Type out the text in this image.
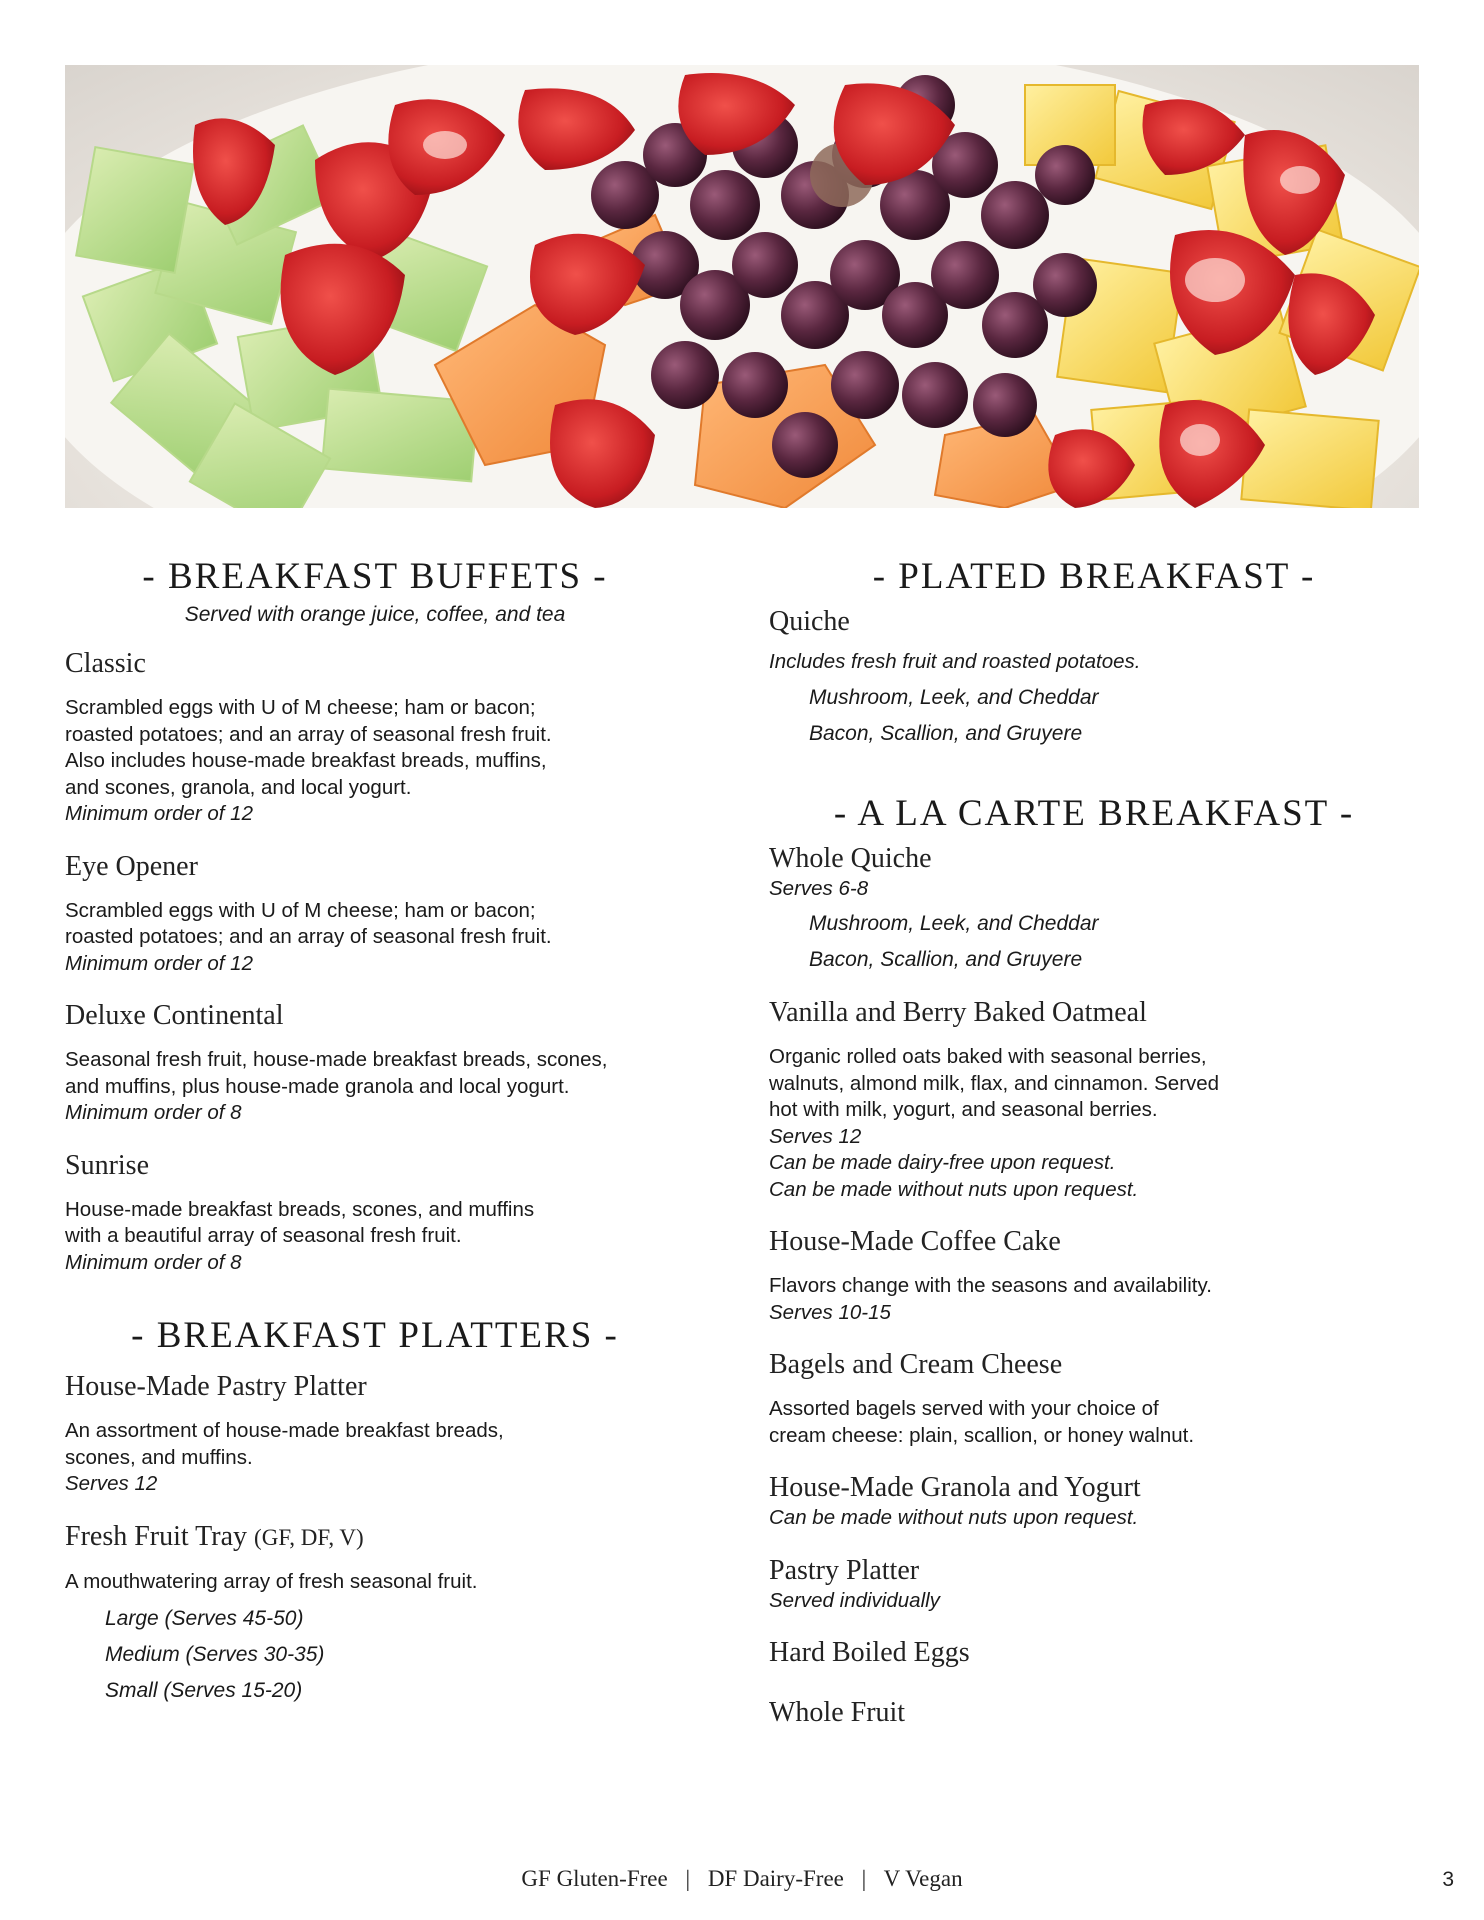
- BREAKFAST BUFFETS -

Served with orange juice, coffee, and tea

Classic

Scrambled eggs with U of M cheese; ham or bacon;
roasted potatoes; and an array of seasonal fresh fruit.
Also includes house-made breakfast breads, muffins,
and scones, granola, and local yogurt.

Minimum order of 12

Eye Opener

Scrambled eggs with U of M cheese; ham or bacon;
roasted potatoes; and an array of seasonal fresh fruit.

Minimum order of 12

Deluxe Continental

Seasonal fresh fruit, house-made breakfast breads, scones,
and muffins, plus house-made granola and local yogurt.

Minimum order of 8

Sunrise

House-made breakfast breads, scones, and muffins
with a beautiful array of seasonal fresh fruit.

Minimum order of 8

- BREAKFAST PLATTERS -
House-Made Pastry Platter

An assortment of house-made breakfast breads,
scones, and muffins.

Serves 12

Fresh Fruit Tray (GF, DF, V)

A mouthwatering array of fresh seasonal fruit.

Large (Serves 45-50)
Medium (Serves 30-35)
Small (Serves 15-20)
- PLATED BREAKFAST -
Quiche

Includes fresh fruit and roasted potatoes.

Mushroom, Leek, and Cheddar
Bacon, Scallion, and Gruyere
- A LA CARTE BREAKFAST -
Whole Quiche

Serves 6-8

Mushroom, Leek, and Cheddar
Bacon, Scallion, and Gruyere
Vanilla and Berry Baked Oatmeal

Organic rolled oats baked with seasonal berries,
walnuts, almond milk, flax, and cinnamon. Served
hot with milk, yogurt, and seasonal berries.

Serves 12

Can be made dairy-free upon request.

Can be made without nuts upon request.

House-Made Coffee Cake

Flavors change with the seasons and availability.

Serves 10-15

Bagels and Cream Cheese

Assorted bagels served with your choice of
cream cheese: plain, scallion, or honey walnut.

House-Made Granola and Yogurt

Can be made without nuts upon request.

Pastry Platter

Served individually

Hard Boiled Eggs
Whole Fruit
GF Gluten-Free | DF Dairy-Free | V Vegan	3
